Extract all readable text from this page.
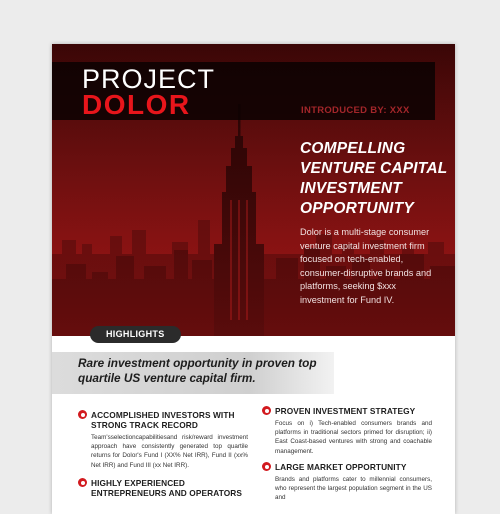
PROJECT
DOLOR	INTRODUCED BY: XXX
COMPELLING VENTURE CAPITAL INVESTMENT OPPORTUNITY

Dolor is a multi-stage consumer venture capital investment firm focused on tech-enabled, consumer-disruptive brands and platforms, seeking $xxx investment for Fund IV.

HIGHLIGHTS

Rare investment opportunity in proven top quartile US venture capital firm.

ACCOMPLISHED INVESTORS WITH STRONG TRACK RECORD

Team'sselectioncapabilitiesand risk/reward investment approach have consistently generated top quartile returns for Dolor's Fund I (XX% Net IRR), Fund II (xx% Net IRR) and Fund III (xx Net IRR).

HIGHLY EXPERIENCED ENTREPRENEURS AND OPERATORS
PROVEN INVESTMENT STRATEGY

Focus on i) Tech-enabled consumers brands and platforms in traditional sectors primed for disruption; ii) East Coast-based ventures with strong and coachable management.

LARGE MARKET OPPORTUNITY

Brands and platforms cater to millennial consumers, who represent the largest population segment in the US and
